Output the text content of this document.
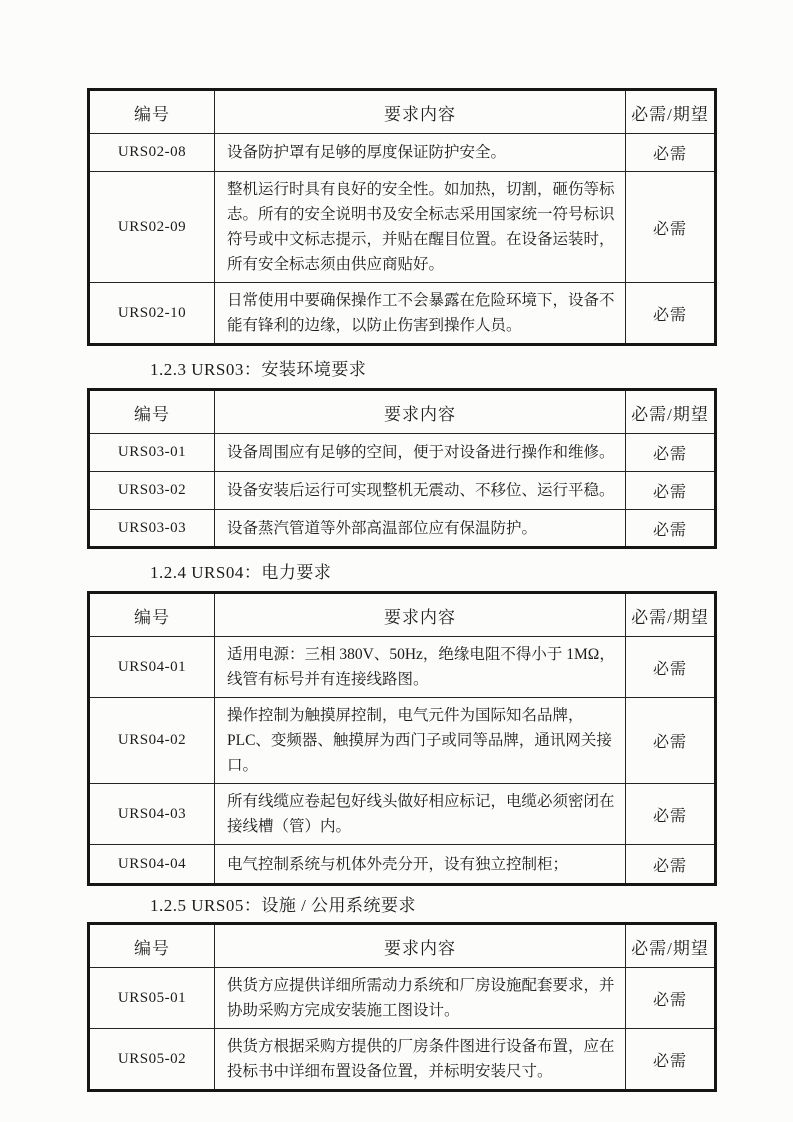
编号	要求内容	必需/期望
URS02-08	设备防护罩有足够的厚度保证防护安全。	必需
URS02-09	整机运行时具有良好的安全性。如加热，切割，砸伤等标志。所有的安全说明书及安全标志采用国家统一符号标识符号或中文标志提示，并贴在醒目位置。在设备运装时，所有安全标志须由供应商贴好。	必需
URS02-10	日常使用中要确保操作工不会暴露在危险环境下，设备不能有锋利的边缘，以防止伤害到操作人员。	必需
1.2.3 URS03：安装环境要求
编号	要求内容	必需/期望
URS03-01	设备周围应有足够的空间，便于对设备进行操作和维修。	必需
URS03-02	设备安装后运行可实现整机无震动、不移位、运行平稳。	必需
URS03-03	设备蒸汽管道等外部高温部位应有保温防护。	必需
1.2.4 URS04：电力要求
编号	要求内容	必需/期望
URS04-01	适用电源：三相 380V、50Hz，绝缘电阻不得小于 1MΩ，线管有标号并有连接线路图。	必需
URS04-02	操作控制为触摸屏控制，电气元件为国际知名品牌，PLC、变频器、触摸屏为西门子或同等品牌，通讯网关接口。	必需
URS04-03	所有线缆应卷起包好线头做好相应标记，电缆必须密闭在接线槽（管）内。	必需
URS04-04	电气控制系统与机体外壳分开，设有独立控制柜；	必需
1.2.5 URS05：设施 / 公用系统要求
编号	要求内容	必需/期望
URS05-01	供货方应提供详细所需动力系统和厂房设施配套要求，并协助采购方完成安装施工图设计。	必需
URS05-02	供货方根据采购方提供的厂房条件图进行设备布置，应在投标书中详细布置设备位置，并标明安装尺寸。	必需
